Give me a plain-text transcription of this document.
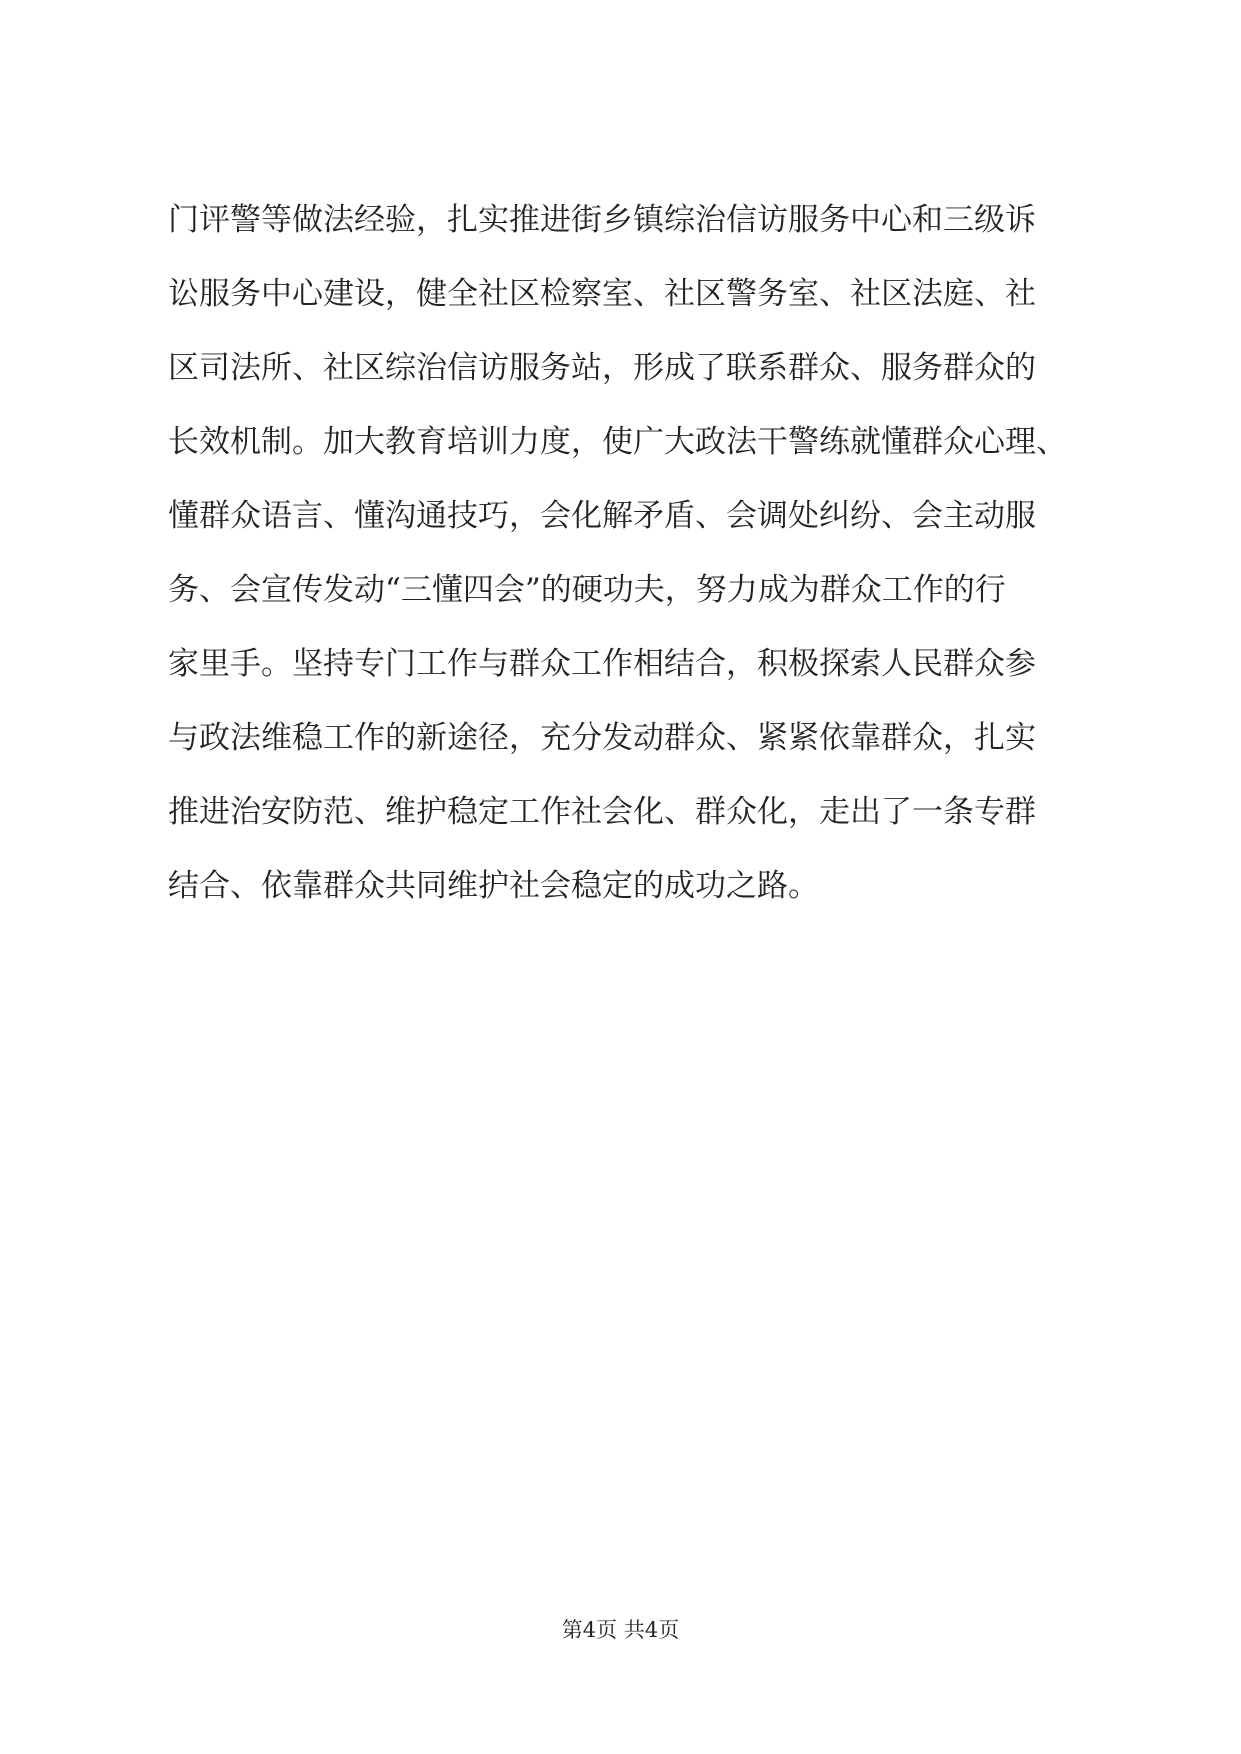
门评警等做法经验，扎实推进街乡镇综治信访服务中心和三级诉
讼服务中心建设，健全社区检察室、社区警务室、社区法庭、社
区司法所、社区综治信访服务站，形成了联系群众、服务群众的
长效机制。加大教育培训力度，使广大政法干警练就懂群众心理、
懂群众语言、懂沟通技巧，会化解矛盾、会调处纠纷、会主动服
务、会宣传发动“三懂四会”的硬功夫，努力成为群众工作的行
家里手。坚持专门工作与群众工作相结合，积极探索人民群众参
与政法维稳工作的新途径，充分发动群众、紧紧依靠群众，扎实
推进治安防范、维护稳定工作社会化、群众化，走出了一条专群
结合、依靠群众共同维护社会稳定的成功之路。
第4页 共4页
